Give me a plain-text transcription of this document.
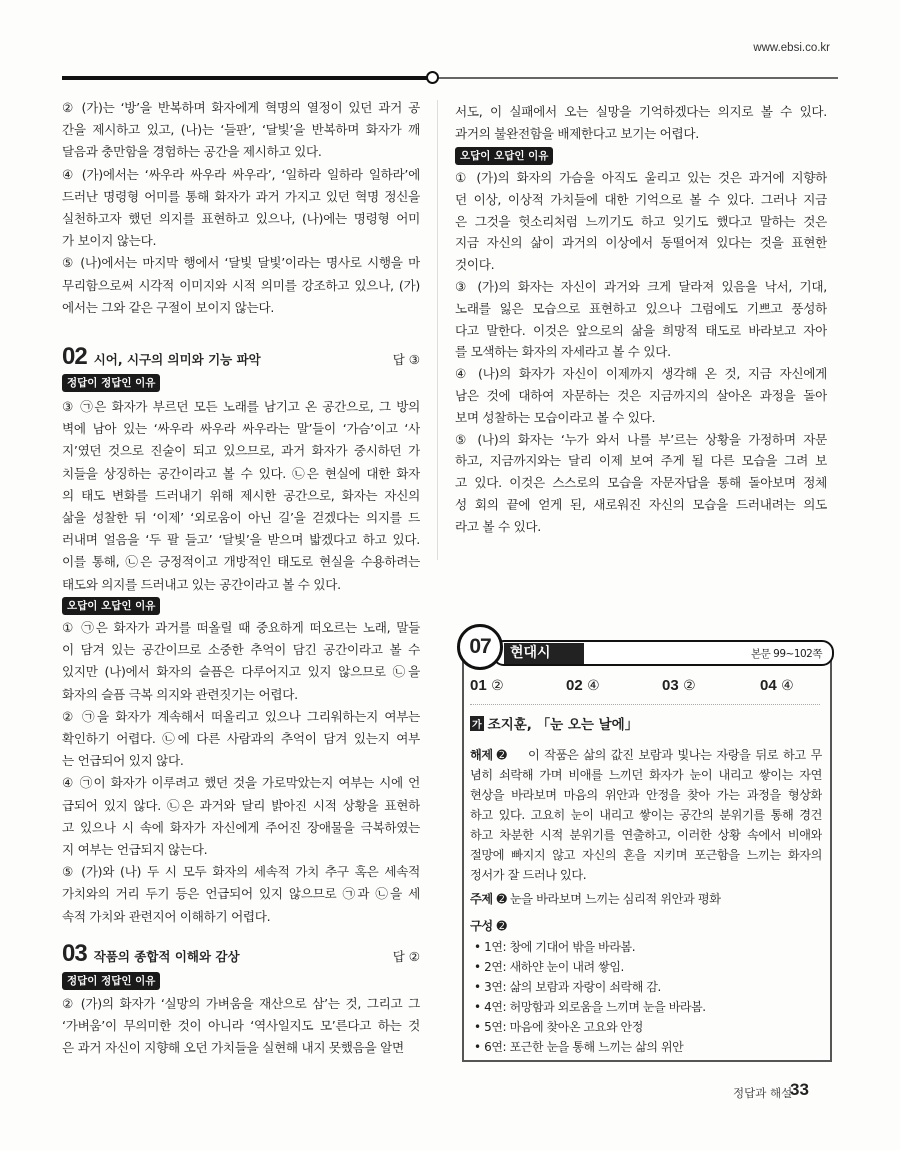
www.ebsi.co.kr
② (가)는 ‘방’을 반복하며 화자에게 혁명의 열정이 있던 과거 공
간을 제시하고 있고, (나)는 ‘들판’, ‘달빛’을 반복하며 화자가 깨
달음과 충만함을 경험하는 공간을 제시하고 있다.
④ (가)에서는 ‘싸우라 싸우라 싸우라’, ‘일하라 일하라 일하라’에
드러난 명령형 어미를 통해 화자가 과거 가지고 있던 혁명 정신을
실천하고자 했던 의지를 표현하고 있으나, (나)에는 명령형 어미
가 보이지 않는다.
⑤ (나)에서는 마지막 행에서 ‘달빛 달빛’이라는 명사로 시행을 마
무리함으로써 시각적 이미지와 시적 의미를 강조하고 있으나, (가)
에서는 그와 같은 구절이 보이지 않는다.
02 시어, 시구의 의미와 기능 파악	답 ③
정답이 정답인 이유
③ ㉠은 화자가 부르던 모든 노래를 남기고 온 공간으로, 그 방의
벽에 남아 있는 ‘싸우라 싸우라 싸우라는 말’들이 ‘가슴’이고 ‘사
지’였던 것으로 진술이 되고 있으므로, 과거 화자가 중시하던 가
치들을 상징하는 공간이라고 볼 수 있다. ㉡은 현실에 대한 화자
의 태도 변화를 드러내기 위해 제시한 공간으로, 화자는 자신의
삶을 성찰한 뒤 ‘이제’ ‘외로움이 아닌 길’을 걷겠다는 의지를 드
러내며 얼음을 ‘두 팔 들고’ ‘달빛’을 받으며 밟겠다고 하고 있다.
이를 통해, ㉡은 긍정적이고 개방적인 태도로 현실을 수용하려는
태도와 의지를 드러내고 있는 공간이라고 볼 수 있다.
오답이 오답인 이유
① ㉠은 화자가 과거를 떠올릴 때 중요하게 떠오르는 노래, 말들
이 담겨 있는 공간이므로 소중한 추억이 담긴 공간이라고 볼 수
있지만 (나)에서 화자의 슬픔은 다루어지고 있지 않으므로 ㉡을
화자의 슬픔 극복 의지와 관련짓기는 어렵다.
② ㉠을 화자가 계속해서 떠올리고 있으나 그리워하는지 여부는
확인하기 어렵다. ㉡에 다른 사람과의 추억이 담겨 있는지 여부
는 언급되어 있지 않다.
④ ㉠이 화자가 이루려고 했던 것을 가로막았는지 여부는 시에 언
급되어 있지 않다. ㉡은 과거와 달리 밝아진 시적 상황을 표현하
고 있으나 시 속에 화자가 자신에게 주어진 장애물을 극복하였는
지 여부는 언급되지 않는다.
⑤ (가)와 (나) 두 시 모두 화자의 세속적 가치 추구 혹은 세속적
가치와의 거리 두기 등은 언급되어 있지 않으므로 ㉠과 ㉡을 세
속적 가치와 관련지어 이해하기 어렵다.
03 작품의 종합적 이해와 감상	답 ②
정답이 정답인 이유
② (가)의 화자가 ‘실망의 가벼움을 재산으로 삼’는 것, 그리고 그
‘가벼움’이 무의미한 것이 아니라 ‘역사일지도 모’른다고 하는 것
은 과거 자신이 지향해 오던 가치들을 실현해 내지 못했음을 알면
서도, 이 실패에서 오는 실망을 기억하겠다는 의지로 볼 수 있다.
과거의 불완전함을 배제한다고 보기는 어렵다.
오답이 오답인 이유
① (가)의 화자의 가슴을 아직도 울리고 있는 것은 과거에 지향하
던 이상, 이상적 가치들에 대한 기억으로 볼 수 있다. 그러나 지금
은 그것을 헛소리처럼 느끼기도 하고 잊기도 했다고 말하는 것은
지금 자신의 삶이 과거의 이상에서 동떨어져 있다는 것을 표현한
것이다.
③ (가)의 화자는 자신이 과거와 크게 달라져 있음을 낙서, 기대,
노래를 잃은 모습으로 표현하고 있으나 그럼에도 기쁘고 풍성하
다고 말한다. 이것은 앞으로의 삶을 희망적 태도로 바라보고 자아
를 모색하는 화자의 자세라고 볼 수 있다.
④ (나)의 화자가 자신이 이제까지 생각해 온 것, 지금 자신에게
남은 것에 대하여 자문하는 것은 지금까지의 살아온 과정을 돌아
보며 성찰하는 모습이라고 볼 수 있다.
⑤ (나)의 화자는 ‘누가 와서 나를 부’르는 상황을 가정하며 자문
하고, 지금까지와는 달리 이제 보여 주게 될 다른 모습을 그려 보
고 있다. 이것은 스스로의 모습을 자문자답을 통해 돌아보며 정체
성 회의 끝에 얻게 된, 새로워진 자신의 모습을 드러내려는 의도
라고 볼 수 있다.
현대시
07	본문 99~102쪽
01 ②	02 ④	03 ②	04 ④
가 조지훈, 「눈 오는 날에」
해제 ➋ 이 작품은 삶의 값진 보람과 빛나는 자랑을 뒤로 하고 무
념히 쇠락해 가며 비애를 느끼던 화자가 눈이 내리고 쌓이는 자연
현상을 바라보며 마음의 위안과 안정을 찾아 가는 과정을 형상화
하고 있다. 고요히 눈이 내리고 쌓이는 공간의 분위기를 통해 경건
하고 차분한 시적 분위기를 연출하고, 이러한 상황 속에서 비애와
절망에 빠지지 않고 자신의 혼을 지키며 포근함을 느끼는 화자의
정서가 잘 드러나 있다.
주제 ➋ 눈을 바라보며 느끼는 심리적 위안과 평화
구성 ➋
• 1연: 창에 기대어 밖을 바라봄.
• 2연: 새하얀 눈이 내려 쌓임.
• 3연: 삶의 보람과 자랑이 쇠락해 감.
• 4연: 허망함과 외로움을 느끼며 눈을 바라봄.
• 5연: 마음에 찾아온 고요와 안정
• 6연: 포근한 눈을 통해 느끼는 삶의 위안
정답과 해설
33
